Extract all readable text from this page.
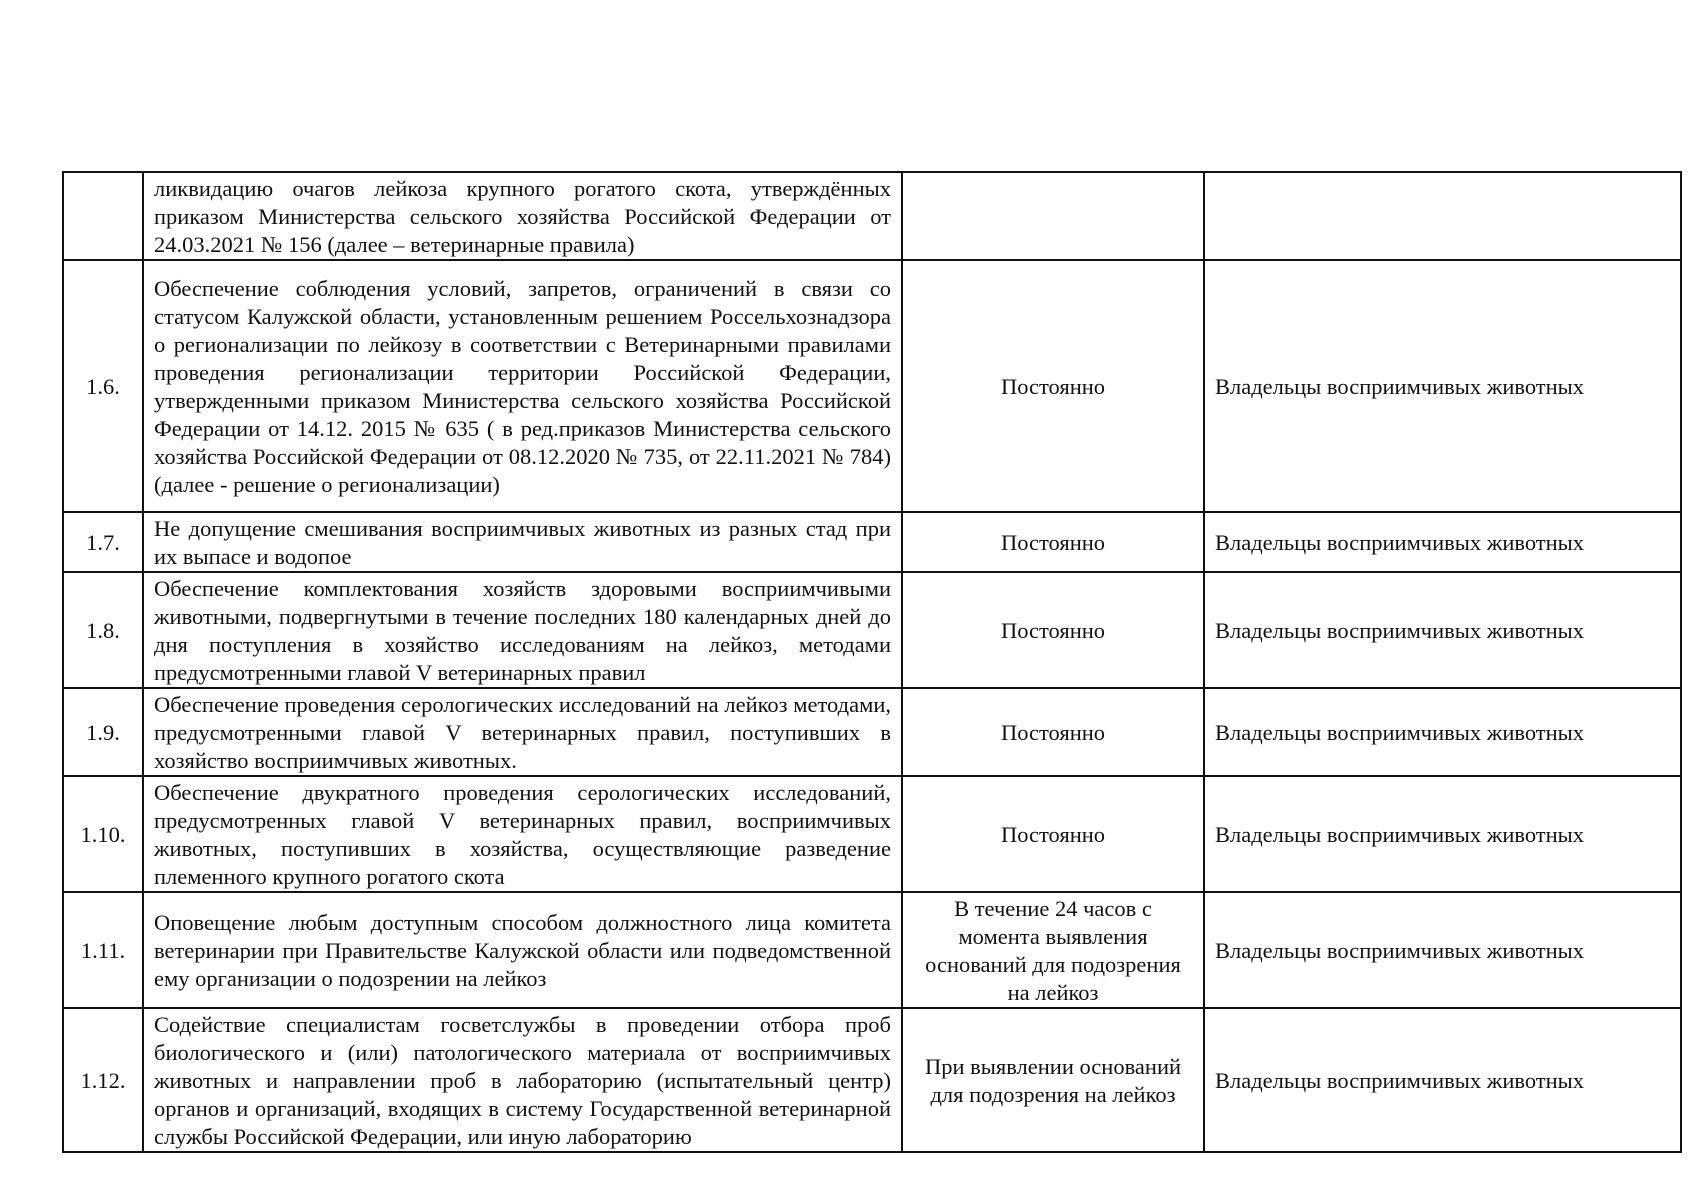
	ликвидацию очагов лейкоза крупного рогатого скота, утверждённых приказом Министерства сельского хозяйства Российской Федерации от 24.03.2021 № 156 (далее – ветеринарные правила)		

1.6.	Обеспечение соблюдения условий, запретов, ограничений в связи со статусом Калужской области, установленным решением Россельхознадзора о регионализации по лейкозу в соответствии с Ветеринарными правилами проведения регионализации территории Российской Федерации, утвержденными приказом Министерства сельского хозяйства Российской Федерации от 14.12. 2015 № 635 ( в ред.приказов Министерства сельского хозяйства Российской Федерации от 08.12.2020 № 735, от 22.11.2021 № 784) (далее - решение о регионализации)	Постоянно	Владельцы восприимчивых животных

1.7.	Не допущение смешивания восприимчивых животных из разных стад при их выпасе и водопое	Постоянно	Владельцы восприимчивых животных

1.8.	Обеспечение комплектования хозяйств здоровыми восприимчивыми животными, подвергнутыми в течение последних 180 календарных дней до дня поступления в хозяйство исследованиям на лейкоз, методами предусмотренными главой V ветеринарных правил	Постоянно	Владельцы восприимчивых животных

1.9.	Обеспечение проведения серологических исследований на лейкоз методами, предусмотренными главой V ветеринарных правил, поступивших в хозяйство восприимчивых животных.	Постоянно	Владельцы восприимчивых животных

1.10.	Обеспечение двукратного проведения серологических исследований, предусмотренных главой V ветеринарных правил, восприимчивых животных, поступивших в хозяйства, осуществляющие разведение племенного крупного рогатого скота	Постоянно	Владельцы восприимчивых животных

1.11.	Оповещение любым доступным способом должностного лица комитета ветеринарии при Правительстве Калужской области или подведомственной ему организации о подозрении на лейкоз	В течение 24 часов с момента выявления оснований для подозрения на лейкоз	Владельцы восприимчивых животных

1.12.	Содействие специалистам госветслужбы в проведении отбора проб биологического и (или) патологического материала от восприимчивых животных и направлении проб в лабораторию (испытательный центр) органов и организаций, входящих в систему Государственной ветеринарной службы Российской Федерации, или иную лабораторию	При выявлении оснований для подозрения на лейкоз	Владельцы восприимчивых животных
